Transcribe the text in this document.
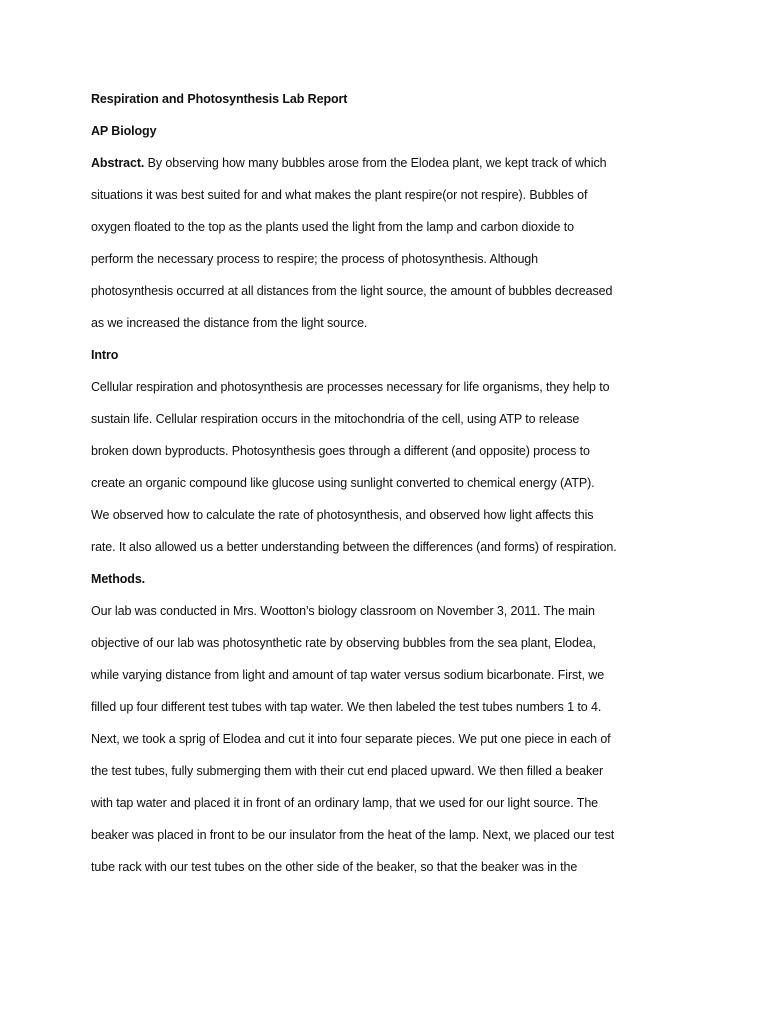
Respiration and Photosynthesis Lab Report
AP Biology
Abstract. By observing how many bubbles arose from the Elodea plant, we kept track of which
situations it was best suited for and what makes the plant respire(or not respire). Bubbles of
oxygen floated to the top as the plants used the light from the lamp and carbon dioxide to
perform the necessary process to respire; the process of photosynthesis. Although
photosynthesis occurred at all distances from the light source, the amount of bubbles decreased
as we increased the distance from the light source.
Intro
Cellular respiration and photosynthesis are processes necessary for life organisms, they help to
sustain life. Cellular respiration occurs in the mitochondria of the cell, using ATP to release
broken down byproducts. Photosynthesis goes through a different (and opposite) process to
create an organic compound like glucose using sunlight converted to chemical energy (ATP).
We observed how to calculate the rate of photosynthesis, and observed how light affects this
rate. It also allowed us a better understanding between the differences (and forms) of respiration.
Methods.
Our lab was conducted in Mrs. Wootton’s biology classroom on November 3, 2011. The main
objective of our lab was photosynthetic rate by observing bubbles from the sea plant, Elodea,
while varying distance from light and amount of tap water versus sodium bicarbonate. First, we
filled up four different test tubes with tap water. We then labeled the test tubes numbers 1 to 4.
Next, we took a sprig of Elodea and cut it into four separate pieces. We put one piece in each of
the test tubes, fully submerging them with their cut end placed upward. We then filled a beaker
with tap water and placed it in front of an ordinary lamp, that we used for our light source. The
beaker was placed in front to be our insulator from the heat of the lamp. Next, we placed our test
tube rack with our test tubes on the other side of the beaker, so that the beaker was in the
